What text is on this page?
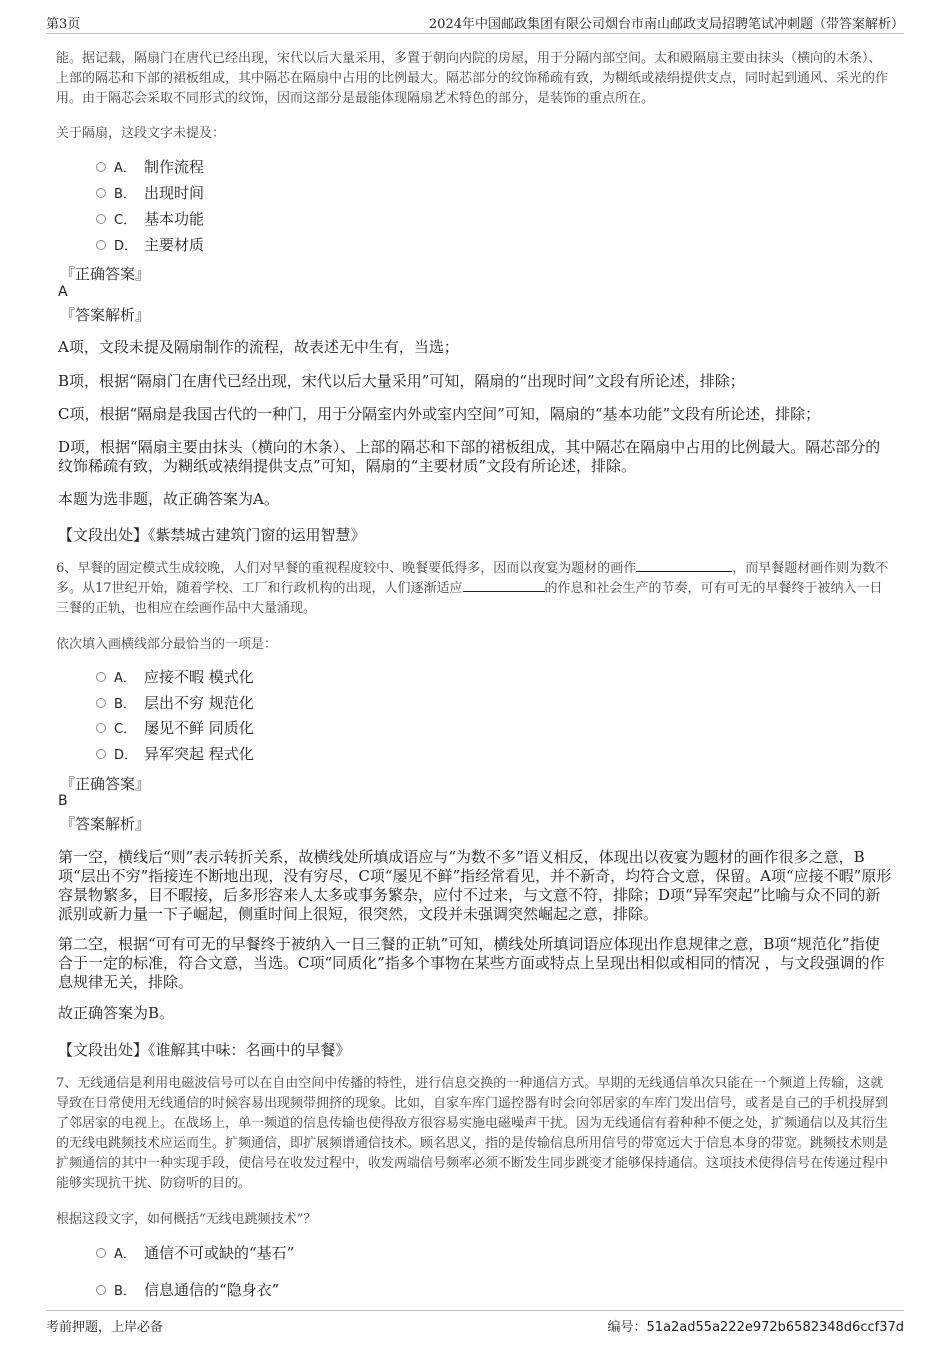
第3页	2024年中国邮政集团有限公司烟台市南山邮政支局招聘笔试冲刺题（带答案解析）

能。据记载，隔扇门在唐代已经出现，宋代以后大量采用，多置于朝向内院的房屋，用于分隔内部空间。太和殿隔扇主要由抹头（横向的木条）、上部的隔芯和下部的裙板组成，其中隔芯在隔扇中占用的比例最大。隔芯部分的纹饰稀疏有致，为糊纸或裱绢提供支点，同时起到通风、采光的作用。由于隔芯会采取不同形式的纹饰，因而这部分是最能体现隔扇艺术特色的部分，是装饰的重点所在。

关于隔扇，这段文字未提及：
A． 制作流程
B． 出现时间
C． 基本功能
D． 主要材质
『正确答案』
A
『答案解析』

A项，文段未提及隔扇制作的流程，故表述无中生有，当选；

B项，根据“隔扇门在唐代已经出现，宋代以后大量采用”可知，隔扇的“出现时间”文段有所论述，排除；

C项，根据“隔扇是我国古代的一种门，用于分隔室内外或室内空间”可知，隔扇的“基本功能”文段有所论述，排除；

D项，根据“隔扇主要由抹头（横向的木条）、上部的隔芯和下部的裙板组成，其中隔芯在隔扇中占用的比例最大。隔芯部分的纹饰稀疏有致，为糊纸或裱绢提供支点”可知，隔扇的“主要材质”文段有所论述，排除。

本题为选非题，故正确答案为A。

【文段出处】《紫禁城古建筑门窗的运用智慧》

6、早餐的固定模式生成较晚，人们对早餐的重视程度较中、晚餐要低得多，因而以夜宴为题材的画作	，而早餐题材画作则为数不多。从17世纪开始，随着学校、工厂和行政机构的出现，人们逐渐适应	的作息和社会生产的节奏，可有可无的早餐终于被纳入一日三餐的正轨，也相应在绘画作品中大量涌现。

依次填入画横线部分最恰当的一项是：
A． 应接不暇 模式化
B． 层出不穷 规范化
C． 屡见不鲜 同质化
D． 异军突起 程式化
『正确答案』
B
『答案解析』

第一空，横线后“则”表示转折关系，故横线处所填成语应与“为数不多”语义相反，体现出以夜宴为题材的画作很多之意，B项“层出不穷”指接连不断地出现，没有穷尽，C项“屡见不鲜”指经常看见，并不新奇，均符合文意，保留。A项“应接不暇”原形容景物繁多，目不暇接，后多形容来人太多或事务繁杂，应付不过来，与文意不符，排除；D项“异军突起”比喻与众不同的新派别或新力量一下子崛起，侧重时间上很短，很突然，文段并未强调突然崛起之意，排除。

第二空，根据“可有可无的早餐终于被纳入一日三餐的正轨”可知，横线处所填词语应体现出作息规律之意，B项“规范化”指使合于一定的标准，符合文意，当选。C项“同质化”指多个事物在某些方面或特点上呈现出相似或相同的情况 ，与文段强调的作息规律无关，排除。

故正确答案为B。

【文段出处】《谁解其中味：名画中的早餐》

7、无线通信是利用电磁波信号可以在自由空间中传播的特性，进行信息交换的一种通信方式。早期的无线通信单次只能在一个频道上传输，这就导致在日常使用无线通信的时候容易出现频带拥挤的现象。比如，自家车库门遥控器有时会向邻居家的车库门发出信号，或者是自己的手机投屏到了邻居家的电视上。在战场上，单一频道的信息传输也使得敌方很容易实施电磁噪声干扰。因为无线通信有着种种不便之处，扩频通信以及其衍生的无线电跳频技术应运而生。扩频通信，即扩展频谱通信技术。顾名思义，指的是传输信息所用信号的带宽远大于信息本身的带宽。跳频技术则是扩频通信的其中一种实现手段，使信号在收发过程中，收发两端信号频率必须不断发生同步跳变才能够保持通信。这项技术使得信号在传递过程中能够实现抗干扰、防窃听的目的。

根据这段文字，如何概括“无线电跳频技术”？
A． 通信不可或缺的“基石”
B． 信息通信的“隐身衣”
考前押题，上岸必备	编号：51a2ad55a222e972b6582348d6ccf37d
